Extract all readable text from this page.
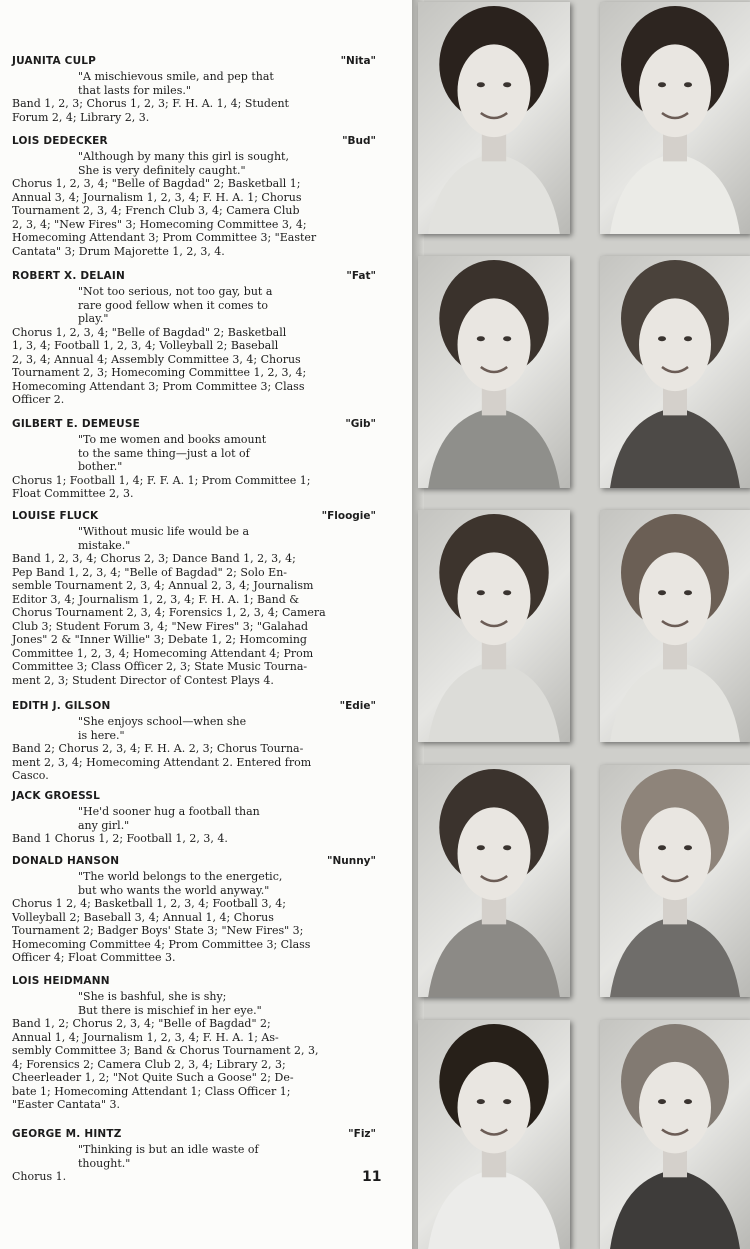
JUANITA CULP	"Nita"
"A mischievous smile, and pep that
that lasts for miles."
Band 1, 2, 3; Chorus 1, 2, 3; F. H. A. 1, 4; Student
Forum 2, 4; Library 2, 3.
LOIS DEDECKER	"Bud"
"Although by many this girl is sought,
She is very definitely caught."
Chorus 1, 2, 3, 4; "Belle of Bagdad" 2; Basketball 1;
Annual 3, 4; Journalism 1, 2, 3, 4; F. H. A. 1; Chorus
Tournament 2, 3, 4; French Club 3, 4; Camera Club
2, 3, 4; "New Fires" 3; Homecoming Committee 3, 4;
Homecoming Attendant 3; Prom Committee 3; "Easter
Cantata" 3; Drum Majorette 1, 2, 3, 4.
ROBERT X. DELAIN	"Fat"
"Not too serious, not too gay, but a
rare good fellow when it comes to
play."
Chorus 1, 2, 3, 4; "Belle of Bagdad" 2; Basketball
1, 3, 4; Football 1, 2, 3, 4; Volleyball 2; Baseball
2, 3, 4; Annual 4; Assembly Committee 3, 4; Chorus
Tournament 2, 3; Homecoming Committee 1, 2, 3, 4;
Homecoming Attendant 3; Prom Committee 3; Class
Officer 2.
GILBERT E. DEMEUSE	"Gib"
"To me women and books amount
to the same thing—just a lot of
bother."
Chorus 1; Football 1, 4; F. F. A. 1; Prom Committee 1;
Float Committee 2, 3.
LOUISE FLUCK	"Floogie"
"Without music life would be a
mistake."
Band 1, 2, 3, 4; Chorus 2, 3; Dance Band 1, 2, 3, 4;
Pep Band 1, 2, 3, 4; "Belle of Bagdad" 2; Solo En-
semble Tournament 2, 3, 4; Annual 2, 3, 4; Journalism
Editor 3, 4; Journalism 1, 2, 3, 4; F. H. A. 1; Band &
Chorus Tournament 2, 3, 4; Forensics 1, 2, 3, 4; Camera
Club 3; Student Forum 3, 4; "New Fires" 3; "Galahad
Jones" 2 & "Inner Willie" 3; Debate 1, 2; Homcoming
Committee 1, 2, 3, 4; Homecoming Attendant 4; Prom
Committee 3; Class Officer 2, 3; State Music Tourna-
ment 2, 3; Student Director of Contest Plays 4.
EDITH J. GILSON	"Edie"
"She enjoys school—when she
is here."
Band 2; Chorus 2, 3, 4; F. H. A. 2, 3; Chorus Tourna-
ment 2, 3, 4; Homecoming Attendant 2. Entered from
Casco.
JACK GROESSL
"He'd sooner hug a football than
any girl."
Band 1 Chorus 1, 2; Football 1, 2, 3, 4.
DONALD HANSON	"Nunny"
"The world belongs to the energetic,
but who wants the world anyway."
Chorus 1 2, 4; Basketball 1, 2, 3, 4; Football 3, 4;
Volleyball 2; Baseball 3, 4; Annual 1, 4; Chorus
Tournament 2; Badger Boys' State 3; "New Fires" 3;
Homecoming Committee 4; Prom Committee 3; Class
Officer 4; Float Committee 3.
LOIS HEIDMANN
"She is bashful, she is shy;
But there is mischief in her eye."
Band 1, 2; Chorus 2, 3, 4; "Belle of Bagdad" 2;
Annual 1, 4; Journalism 1, 2, 3, 4; F. H. A. 1; As-
sembly Committee 3; Band & Chorus Tournament 2, 3,
4; Forensics 2; Camera Club 2, 3, 4; Library 2, 3;
Cheerleader 1, 2; "Not Quite Such a Goose" 2; De-
bate 1; Homecoming Attendant 1; Class Officer 1;
"Easter Cantata" 3.
GEORGE M. HINTZ	"Fiz"
"Thinking is but an idle waste of
thought."
Chorus 1.	11
